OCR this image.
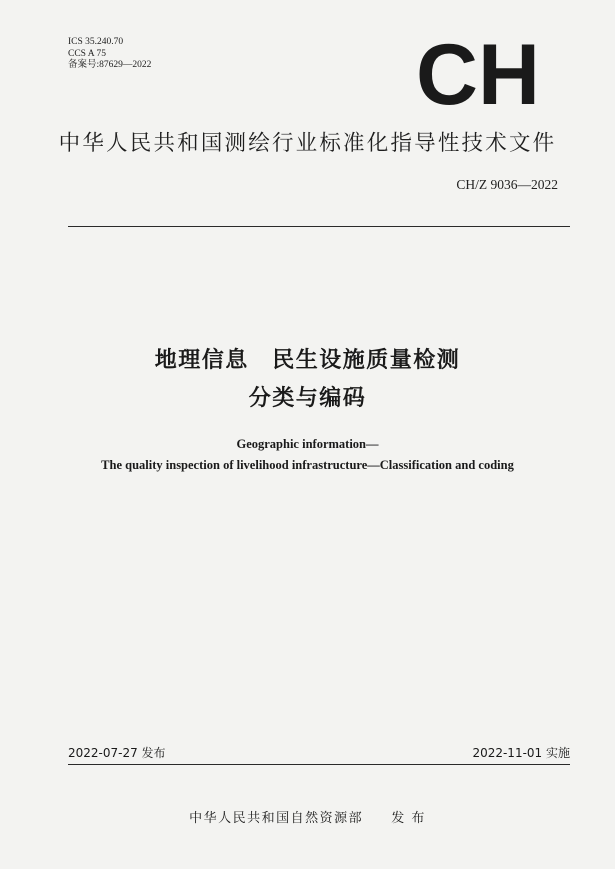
ICS 35.240.70
CCS A 75
备案号:87629—2022	CH
中华人民共和国测绘行业标准化指导性技术文件
CH/Z 9036—2022
地理信息　民生设施质量检测
分类与编码
Geographic information—
The quality inspection of livelihood infrastructure—Classification and coding
2022-07-27 发布	2022-11-01 实施
中华人民共和国自然资源部 发 布
